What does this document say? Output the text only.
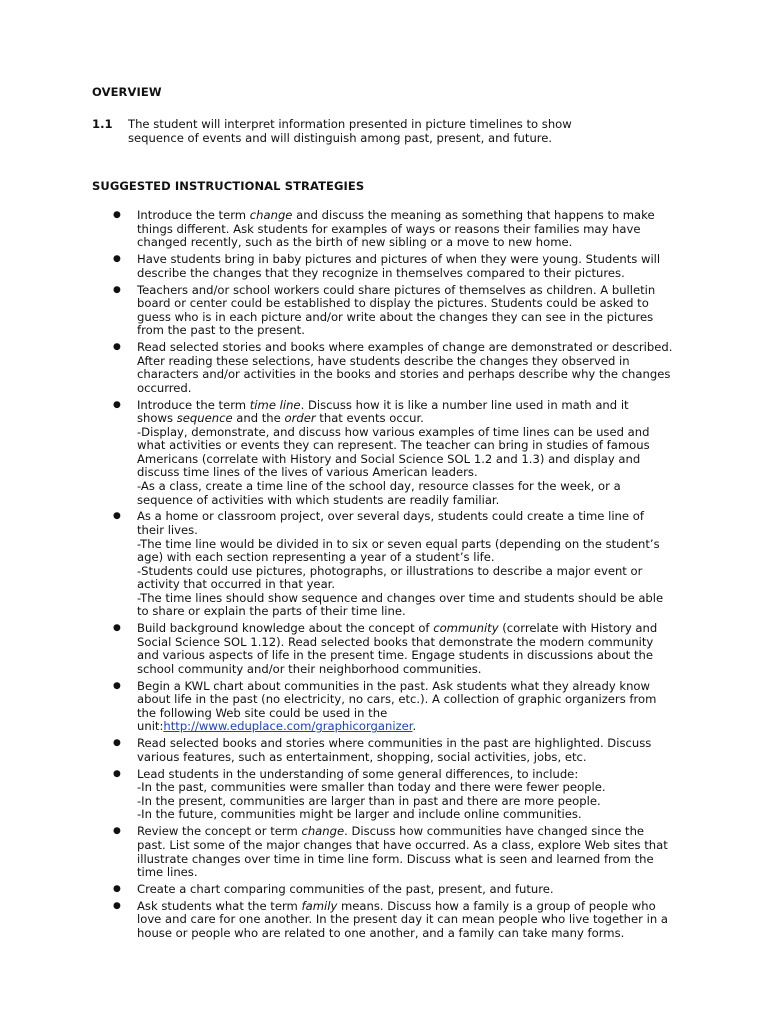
OVERVIEW
1.1 The student will interpret information presented in picture timelines to show
sequence of events and will distinguish among past, present, and future.
SUGGESTED INSTRUCTIONAL STRATEGIES
● Introduce the term change and discuss the meaning as something that happens to make
things different. Ask students for examples of ways or reasons their families may have
changed recently, such as the birth of new sibling or a move to new home.
● Have students bring in baby pictures and pictures of when they were young. Students will
describe the changes that they recognize in themselves compared to their pictures.
● Teachers and/or school workers could share pictures of themselves as children. A bulletin
board or center could be established to display the pictures. Students could be asked to
guess who is in each picture and/or write about the changes they can see in the pictures
from the past to the present.
● Read selected stories and books where examples of change are demonstrated or described.
After reading these selections, have students describe the changes they observed in
characters and/or activities in the books and stories and perhaps describe why the changes
occurred.
● Introduce the term time line. Discuss how it is like a number line used in math and it
shows sequence and the order that events occur.
-Display, demonstrate, and discuss how various examples of time lines can be used and
what activities or events they can represent. The teacher can bring in studies of famous
Americans (correlate with History and Social Science SOL 1.2 and 1.3) and display and
discuss time lines of the lives of various American leaders.
-As a class, create a time line of the school day, resource classes for the week, or a
sequence of activities with which students are readily familiar.
● As a home or classroom project, over several days, students could create a time line of
their lives.
-The time line would be divided in to six or seven equal parts (depending on the student’s
age) with each section representing a year of a student’s life.
-Students could use pictures, photographs, or illustrations to describe a major event or
activity that occurred in that year.
-The time lines should show sequence and changes over time and students should be able
to share or explain the parts of their time line.
● Build background knowledge about the concept of community (correlate with History and
Social Science SOL 1.12). Read selected books that demonstrate the modern community
and various aspects of life in the present time. Engage students in discussions about the
school community and/or their neighborhood communities.
● Begin a KWL chart about communities in the past. Ask students what they already know
about life in the past (no electricity, no cars, etc.). A collection of graphic organizers from
the following Web site could be used in the
unit:http://www.eduplace.com/graphicorganizer.
● Read selected books and stories where communities in the past are highlighted. Discuss
various features, such as entertainment, shopping, social activities, jobs, etc.
● Lead students in the understanding of some general differences, to include:
-In the past, communities were smaller than today and there were fewer people.
-In the present, communities are larger than in past and there are more people.
-In the future, communities might be larger and include online communities.
● Review the concept or term change. Discuss how communities have changed since the
past. List some of the major changes that have occurred. As a class, explore Web sites that
illustrate changes over time in time line form. Discuss what is seen and learned from the
time lines.
● Create a chart comparing communities of the past, present, and future.
● Ask students what the term family means. Discuss how a family is a group of people who
love and care for one another. In the present day it can mean people who live together in a
house or people who are related to one another, and a family can take many forms.
